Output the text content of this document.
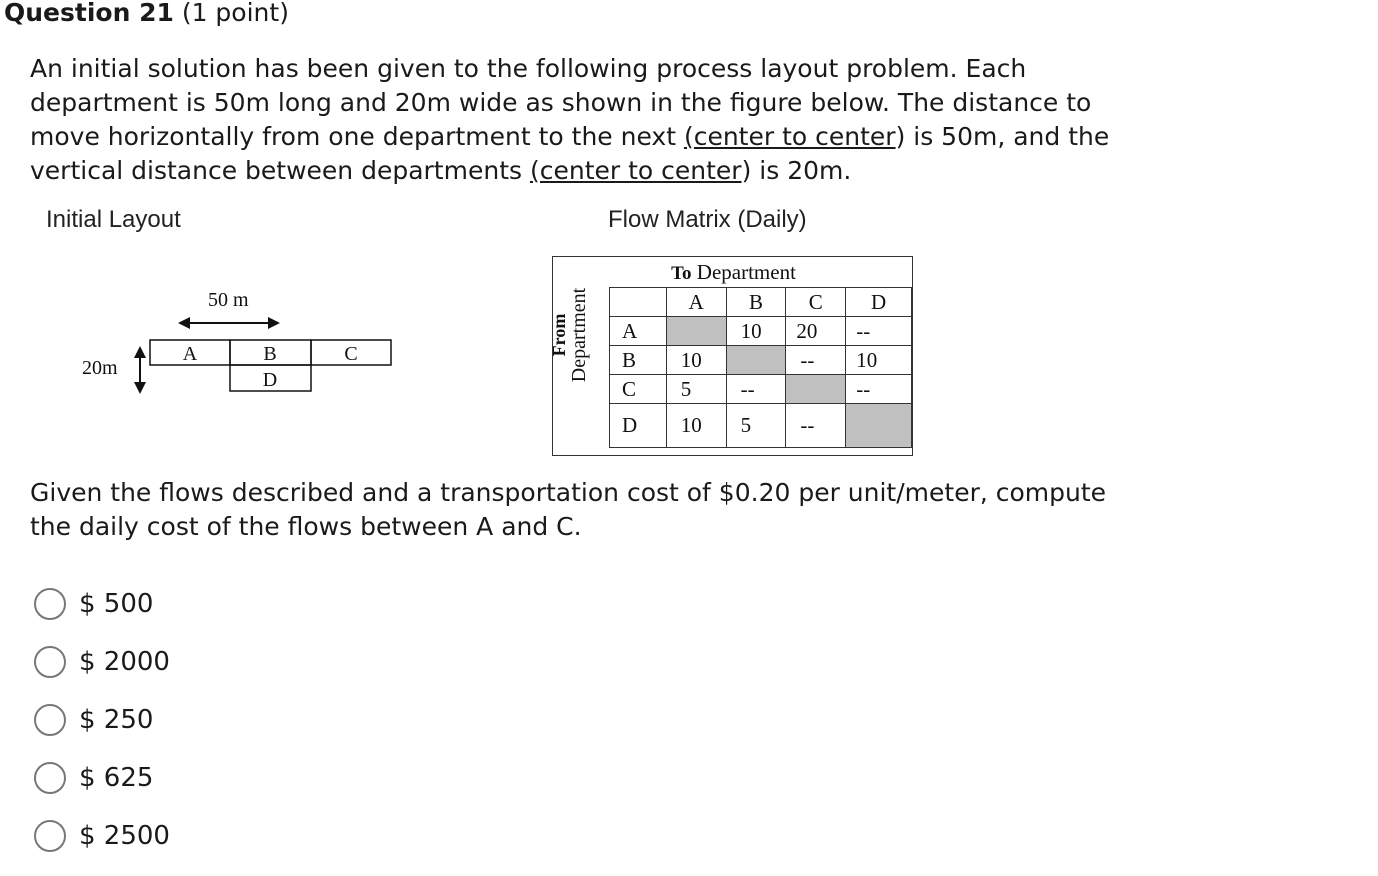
Question 21 (1 point)
An initial solution has been given to the following process layout problem. Each department is 50m long and 20m wide as shown in the figure below. The distance to move horizontally from one department to the next (center to center) is 50m, and the vertical distance between departments (center to center) is 20m.
Initial Layout
50 m
20m
A	B	C
D
Flow Matrix (Daily)
To Department
From Department
		A	B	C	D
A		10	20	--
B	10		--	10
C	5	--		--
D	10	5	--	
Given the flows described and a transportation cost of $0.20 per unit/meter, compute the daily cost of the flows between A and C.
$ 500
$ 2000
$ 250
$ 625
$ 2500
